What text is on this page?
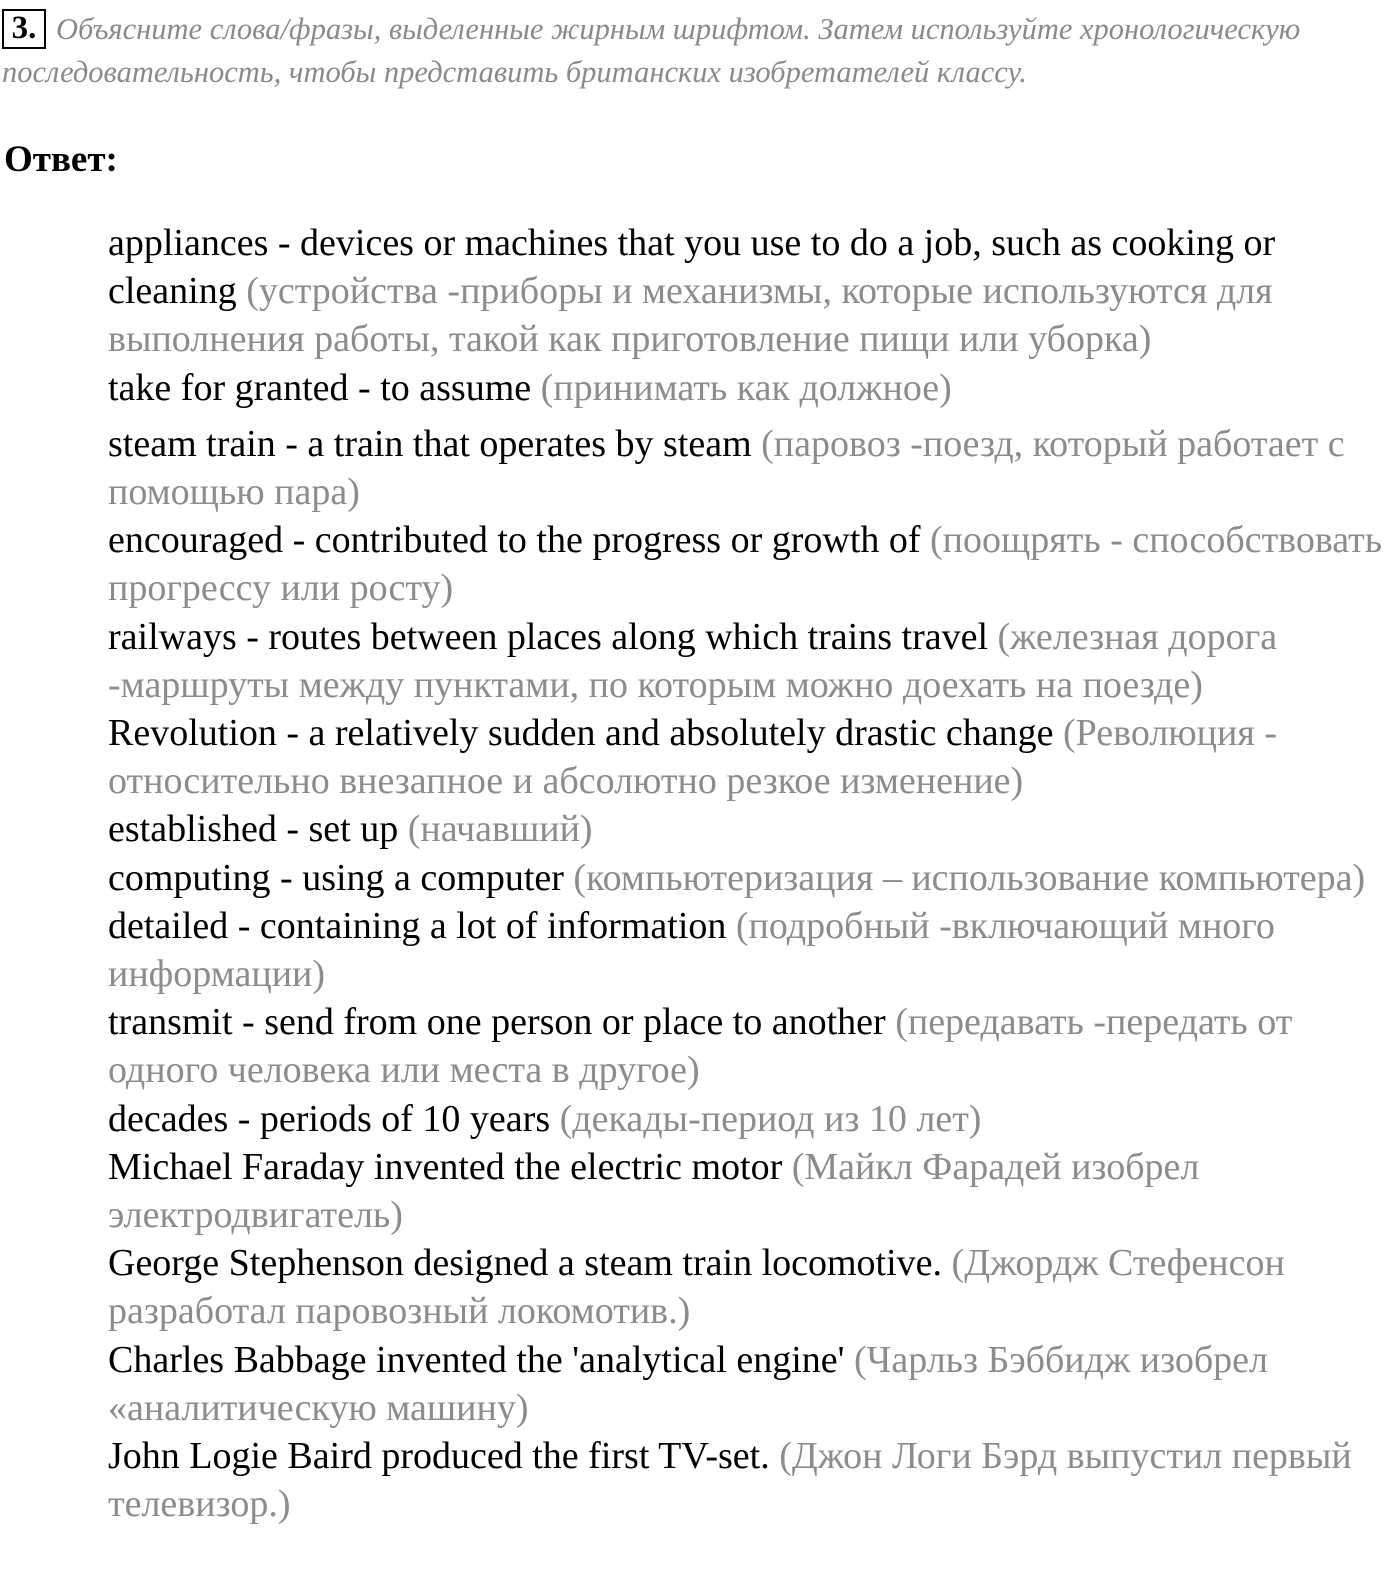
3. Объясните слова/фразы, выделенные жирным шрифтом. Затем используйте хронологическую последовательность, чтобы представить британских изобретателей классу.
Ответ:

appliances - devices or machines that you use to do a job, such as cooking or cleaning (устройства -приборы и механизмы, которые используются для выполнения работы, такой как приготовление пищи или уборка)

take for granted - to assume (принимать как должное)

steam train - a train that operates by steam (паровоз -поезд, который работает с помощью пара)

encouraged - contributed to the progress or growth of (поощрять - способствовать прогрессу или росту)

railways - routes between places along which trains travel (железная дорога -маршруты между пунктами, по которым можно доехать на поезде)

Revolution - a relatively sudden and absolutely drastic change (Революция - относительно внезапное и абсолютно резкое изменение)

established - set up (начавший)

computing - using a computer (компьютеризация – использование компьютера)

detailed - containing a lot of information (подробный -включающий много информации)

transmit - send from one person or place to another (передавать -передать от одного человека или места в другое)

decades - periods of 10 years (декады-период из 10 лет)

Michael Faraday invented the electric motor (Майкл Фарадей изобрел электродвигатель)

George Stephenson designed a steam train locomotive. (Джордж Стефенсон разработал паровозный локомотив.)

Charles Babbage invented the 'analytical engine' (Чарльз Бэббидж изобрел «аналитическую машину)

John Logie Baird produced the first TV-set. (Джон Логи Бэрд выпустил первый телевизор.)
